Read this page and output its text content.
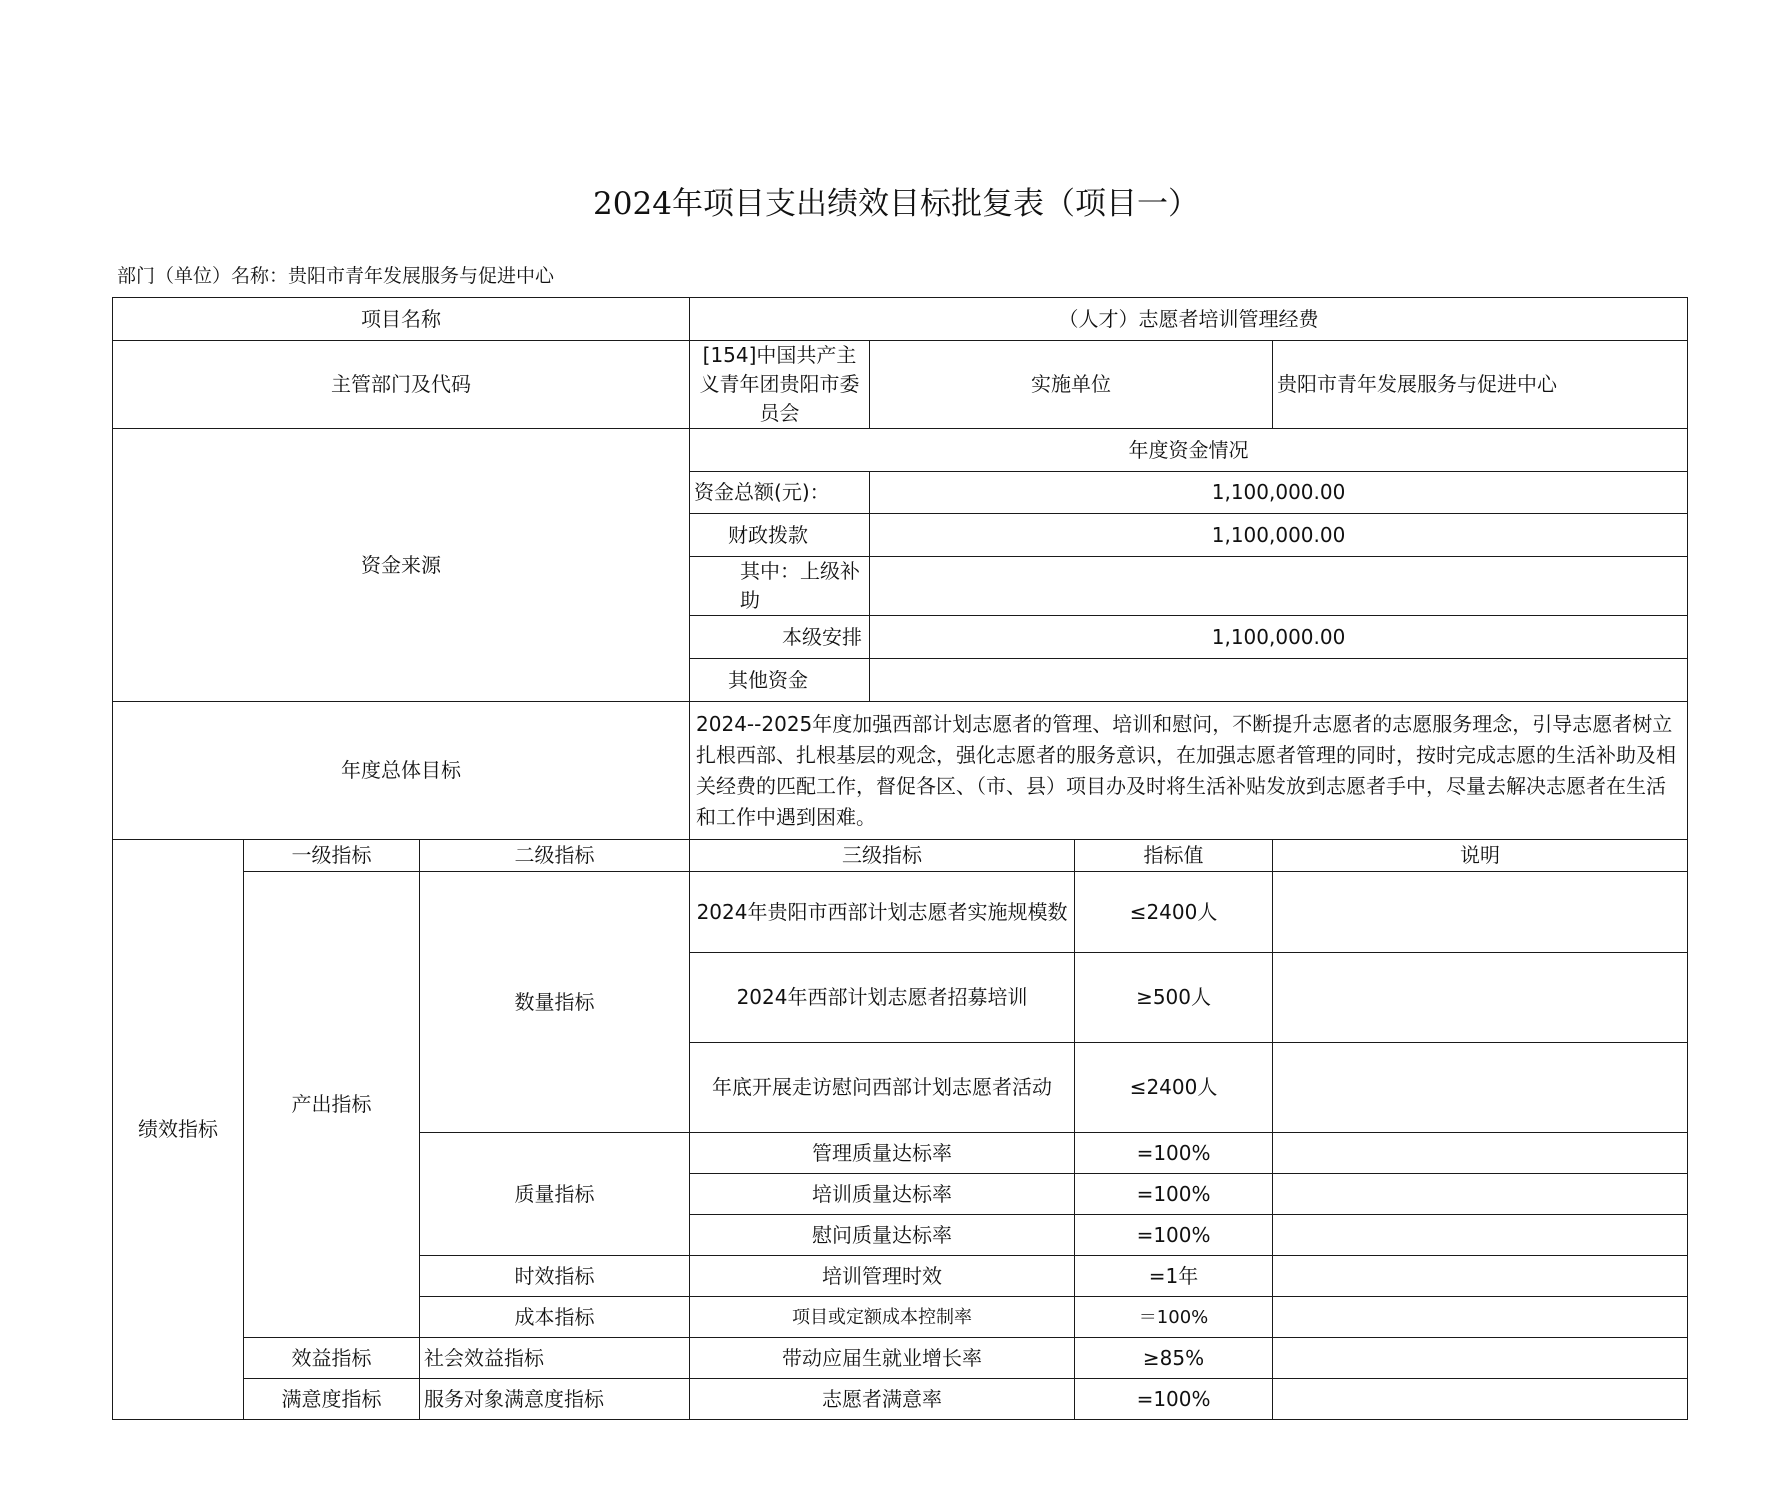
2024年项目支出绩效目标批复表（项目一）
部门（单位）名称：贵阳市青年发展服务与促进中心
项目名称			（人才）志愿者培训管理经费			
主管部门及代码			[154]中国共产主义青年团贵阳市委员会	实施单位		贵阳市青年发展服务与促进中心
资金来源			年度资金情况			
			资金总额(元)：	1,100,000.00		
			财政拨款	1,100,000.00		
			其中：上级补助			
			本级安排	1,100,000.00		
			其他资金			
年度总体目标			2024--2025年度加强西部计划志愿者的管理、培训和慰问，不断提升志愿者的志愿服务理念，引导志愿者树立扎根西部、扎根基层的观念，强化志愿者的服务意识，在加强志愿者管理的同时，按时完成志愿的生活补助及相关经费的匹配工作，督促各区、（市、县）项目办及时将生活补贴发放到志愿者手中，尽量去解决志愿者在生活和工作中遇到困难。			
绩效指标	一级指标	二级指标	三级指标		指标值	说明
	产出指标	数量指标	2024年贵阳市西部计划志愿者实施规模数		≤2400人	
			2024年西部计划志愿者招募培训		≥500人	
			年底开展走访慰问西部计划志愿者活动		≤2400人	
		质量指标	管理质量达标率		=100%	
			培训质量达标率		=100%	
			慰问质量达标率		=100%	
		时效指标	培训管理时效		=1年	
		成本指标	项目或定额成本控制率		＝100%	
	效益指标	社会效益指标	带动应届生就业增长率		≥85%	
	满意度指标	服务对象满意度指标	志愿者满意率		=100%	
